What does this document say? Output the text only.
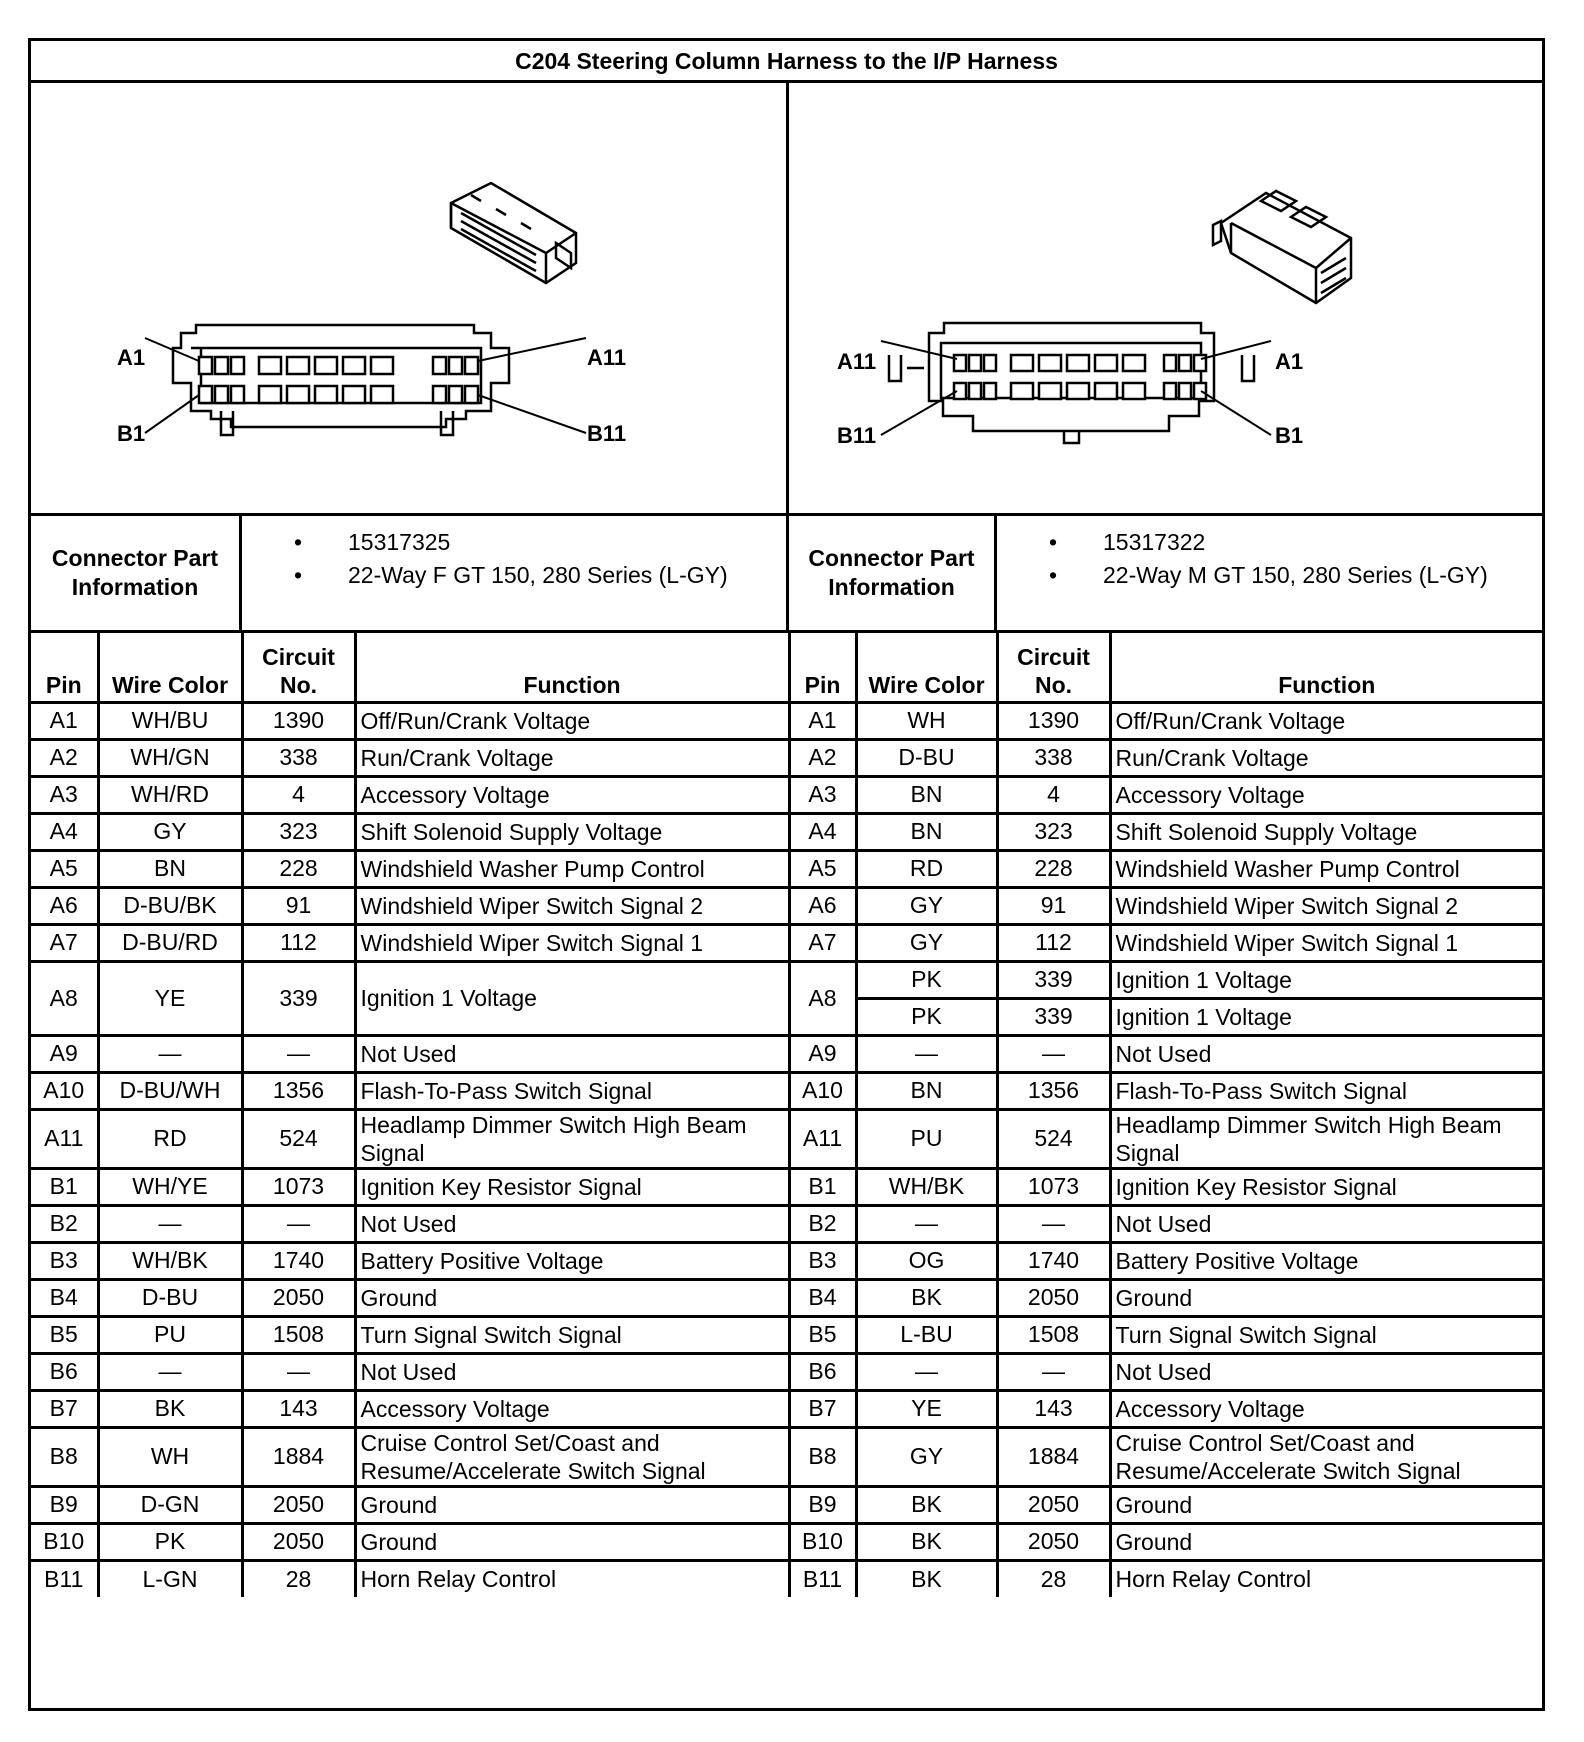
C204 Steering Column Harness to the I/P Harness
A1	A11
B1	B11
A11	A1
B11	B1
Connector Part Information
• 15317325
• 22-Way F GT 150, 280 Series (L-GY)
Connector Part Information
• 15317322
• 22-Way M GT 150, 280 Series (L-GY)
Pin	Wire Color	Circuit No.	Function	Pin	Wire Color	Circuit No.	Function
A1	WH/BU	1390	Off/Run/Crank Voltage	A1	WH	1390	Off/Run/Crank Voltage
A2	WH/GN	338	Run/Crank Voltage	A2	D-BU	338	Run/Crank Voltage
A3	WH/RD	4	Accessory Voltage	A3	BN	4	Accessory Voltage
A4	GY	323	Shift Solenoid Supply Voltage	A4	BN	323	Shift Solenoid Supply Voltage
A5	BN	228	Windshield Washer Pump Control	A5	RD	228	Windshield Washer Pump Control
A6	D-BU/BK	91	Windshield Wiper Switch Signal 2	A6	GY	91	Windshield Wiper Switch Signal 2
A7	D-BU/RD	112	Windshield Wiper Switch Signal 1	A7	GY	112	Windshield Wiper Switch Signal 1
A8	YE	339	Ignition 1 Voltage	A8	PK	339	Ignition 1 Voltage
					PK	339	Ignition 1 Voltage
A9	—	—	Not Used	A9	—	—	Not Used
A10	D-BU/WH	1356	Flash-To-Pass Switch Signal	A10	BN	1356	Flash-To-Pass Switch Signal
A11	RD	524	Headlamp Dimmer Switch High Beam Signal	A11	PU	524	Headlamp Dimmer Switch High Beam Signal
B1	WH/YE	1073	Ignition Key Resistor Signal	B1	WH/BK	1073	Ignition Key Resistor Signal
B2	—	—	Not Used	B2	—	—	Not Used
B3	WH/BK	1740	Battery Positive Voltage	B3	OG	1740	Battery Positive Voltage
B4	D-BU	2050	Ground	B4	BK	2050	Ground
B5	PU	1508	Turn Signal Switch Signal	B5	L-BU	1508	Turn Signal Switch Signal
B6	—	—	Not Used	B6	—	—	Not Used
B7	BK	143	Accessory Voltage	B7	YE	143	Accessory Voltage
B8	WH	1884	Cruise Control Set/Coast and Resume/Accelerate Switch Signal	B8	GY	1884	Cruise Control Set/Coast and Resume/Accelerate Switch Signal
B9	D-GN	2050	Ground	B9	BK	2050	Ground
B10	PK	2050	Ground	B10	BK	2050	Ground
B11	L-GN	28	Horn Relay Control	B11	BK	28	Horn Relay Control
